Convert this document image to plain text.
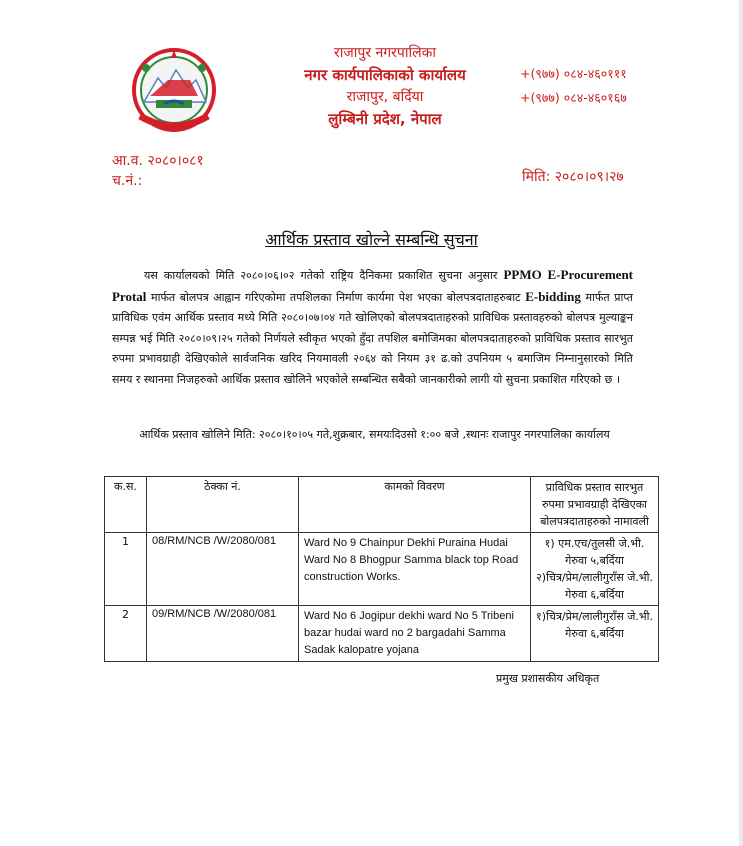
राजापुर नगरपालिका
नगर कार्यपालिकाको कार्यालय
राजापुर, बर्दिया
लुम्बिनी प्रदेश, नेपाल
+(९७७) ०८४-४६०१११
+(९७७) ०८४-४६०१६७
आ.व. २०८०।०८१
च.नं.:	मिति: २०८०।०९।२७
आर्थिक प्रस्ताव खोल्ने सम्बन्धि सुचना

यस कार्यालयको मिति २०८०।०६।०२ गतेको राष्ट्रिय दैनिकमा प्रकाशित सुचना अनुसार PPMO E-Procurement Protal मार्फत बोलपत्र आह्वान गरिएकोमा तपशिलका निर्माण कार्यमा पेश भएका बोलपत्रदाताहरुबाट E-bidding मार्फत प्राप्त प्राविधिक एवंम आर्थिक प्रस्ताव मध्ये मिति २०८०।०७।०४ गते खोलिएको बोलपत्रदाताहरुको प्राविधिक प्रस्तावहरुको बोलपत्र मुल्याङ्कन सम्पन्न भई मिति २०८०।०९।२५ गतेको निर्णयले स्वीकृत भएको हुँदा तपशिल बमोजिमका बोलपत्रदाताहरुको प्राविधिक प्रस्ताव सारभुत रुपमा प्रभावग्राही देखिएकोले सार्वजनिक खरिद नियमावली २०६४ को नियम ३१ ढ.को उपनियम ५ बमाजिम निम्नानुसारको मिति समय र स्थानमा निजहरुको आर्थिक प्रस्ताव खोलिने भएकोले सम्बन्धित सबैको जानकारीको लागी यो सुचना प्रकाशित गरिएको छ ।

आर्थिक प्रस्ताव खोलिने मिति: २०८०।१०।०५ गते,शुक्रबार, समयःदिउसो १:०० बजे ,स्थानः राजापुर नगरपालिका कार्यालय
क.स.	ठेक्का नं.	कामको विवरण	प्राविधिक प्रस्ताव सारभुत रुपमा प्रभावग्राही देखिएका बोलपत्रदाताहरुको नामावली
1	08/RM/NCB /W/2080/081	Ward No 9 Chainpur Dekhi Puraina Hudai Ward No 8 Bhogpur Samma black top Road construction Works.	१) एम.एच/तुलसी जे.भी. गेरुवा ५,बर्दिया
२)चित्र/प्रेम/लालीगुराँस जे.भी. गेरुवा ६,बर्दिया

2	09/RM/NCB /W/2080/081	Ward No 6 Jogipur dekhi ward No 5 Tribeni bazar hudai ward no 2 bargadahi Samma Sadak kalopatre yojana	१)चित्र/प्रेम/लालीगुराँस जे.भी. गेरुवा ६,बर्दिया
प्रमुख प्रशासकीय अधिकृत
